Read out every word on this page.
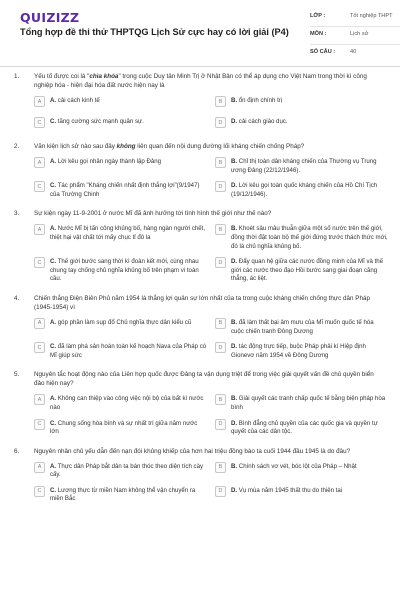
QUIZIZZ
Tổng hợp đề thi thử THPTQG Lịch Sử cực hay có lời giải (P4)
LỚP :	Tốt nghiệp THPT
MÔN :	Lịch sử
SỐ CÂU :	40
1.	Yếu tố được coi là "chìa khóa" trong cuộc Duy tân Minh Trị ở Nhật Bản có thể áp dụng cho Việt Nam trong thời kì công nghiệp hóa - hiện đại hóa đất nước hiện nay là
A	A. cải cách kinh tế	B	B. ổn định chính trị
C	C. tăng cường sức mạnh quân sự.	D	D. cải cách giáo dục.
2.	Văn kiện lịch sử nào sau đây không liên quan đến nội dung đường lối kháng chiến chống Pháp?
A	A. Lời kêu gọi nhân ngày thành lập Đảng	B	B. Chỉ thị toàn dân kháng chiến của Thường vụ Trung ương Đảng (22/12/1946).
C	C. Tác phẩm "Kháng chiến nhất định thắng lợi"(9/1947) của Trường Chinh
D	D. Lời kêu gọi toàn quốc kháng chiến của Hồ Chí Tịch (19/12/1946).
3.	Sự kiện ngày 11-9-2001 ở nước Mĩ đã ảnh hưởng tới tình hình thế giới như thế nào?
A	A. Nước Mĩ bị tấn công khủng bố, hàng ngàn người chết, thiệt hại vật chất tới mấy chục tỉ đô la
B	B. Khoét sâu mâu thuẫn giữa một số nước trên thế giới, đồng thời đặt toàn bộ thế giới đứng trước thách thức mới, đó là chủ nghĩa khủng bố.
C	C. Thế giới bước sang thời kì đoàn kết mới, cùng nhau chung tay chống chủ nghĩa khủng bố trên phạm vi toàn cầu.
D	D. Đẩy quan hệ giữa các nước đồng minh của Mĩ và thế giới các nước theo đạo Hồi bước sang giai đoạn căng thẳng, ác liệt.
4.	Chiến thắng Điện Biên Phủ năm 1954 là thắng lợi quân sự lớn nhất của ta trong cuộc kháng chiến chống thực dân Pháp (1945-1954) vì
A	A. góp phần làm sụp đổ Chủ nghĩa thực dân kiểu cũ	B	B. đã làm thất bại âm mưu của Mĩ muốn quốc tế hóa cuộc chiến tranh Đông Dương
C	C. đã làm phá sản hoàn toàn kế hoạch Nava của Pháp có Mĩ giúp sức
D	D. tác động trực tiếp, buộc Pháp phải kí Hiệp định Gionevơ năm 1954 về Đông Dương
5.	Nguyên tắc hoạt động nào của Liên hợp quốc được Đảng ta vận dụng triệt để trong việc giải quyết vấn đề chủ quyền biển đảo hiện nay?
A	A. Không can thiệp vào công việc nội bộ của bất kì nước nào
B	B. Giải quyết các tranh chấp quốc tế bằng biện pháp hòa bình
C	C. Chung sống hòa bình và sự nhất trí giữa năm nước lớn
D	D. Bình đẳng chủ quyền của các quốc gia và quyền tự quyết của các dân tộc.
6.	Nguyên nhân chủ yếu dẫn đến nạn đói khủng khiếp của hơn hai triệu đồng bào ta cuối 1944 đầu 1945 là do đâu?
A	A. Thực dân Pháp bắt dân ta bán thóc theo diện tích cày cấy.
B	B. Chính sách vơ vét, bóc lột của Pháp – Nhật
C	C. Lương thực từ miền Nam không thể vận chuyển ra miền Bắc
D	D. Vụ mùa năm 1945 thất thu do thiên tai
